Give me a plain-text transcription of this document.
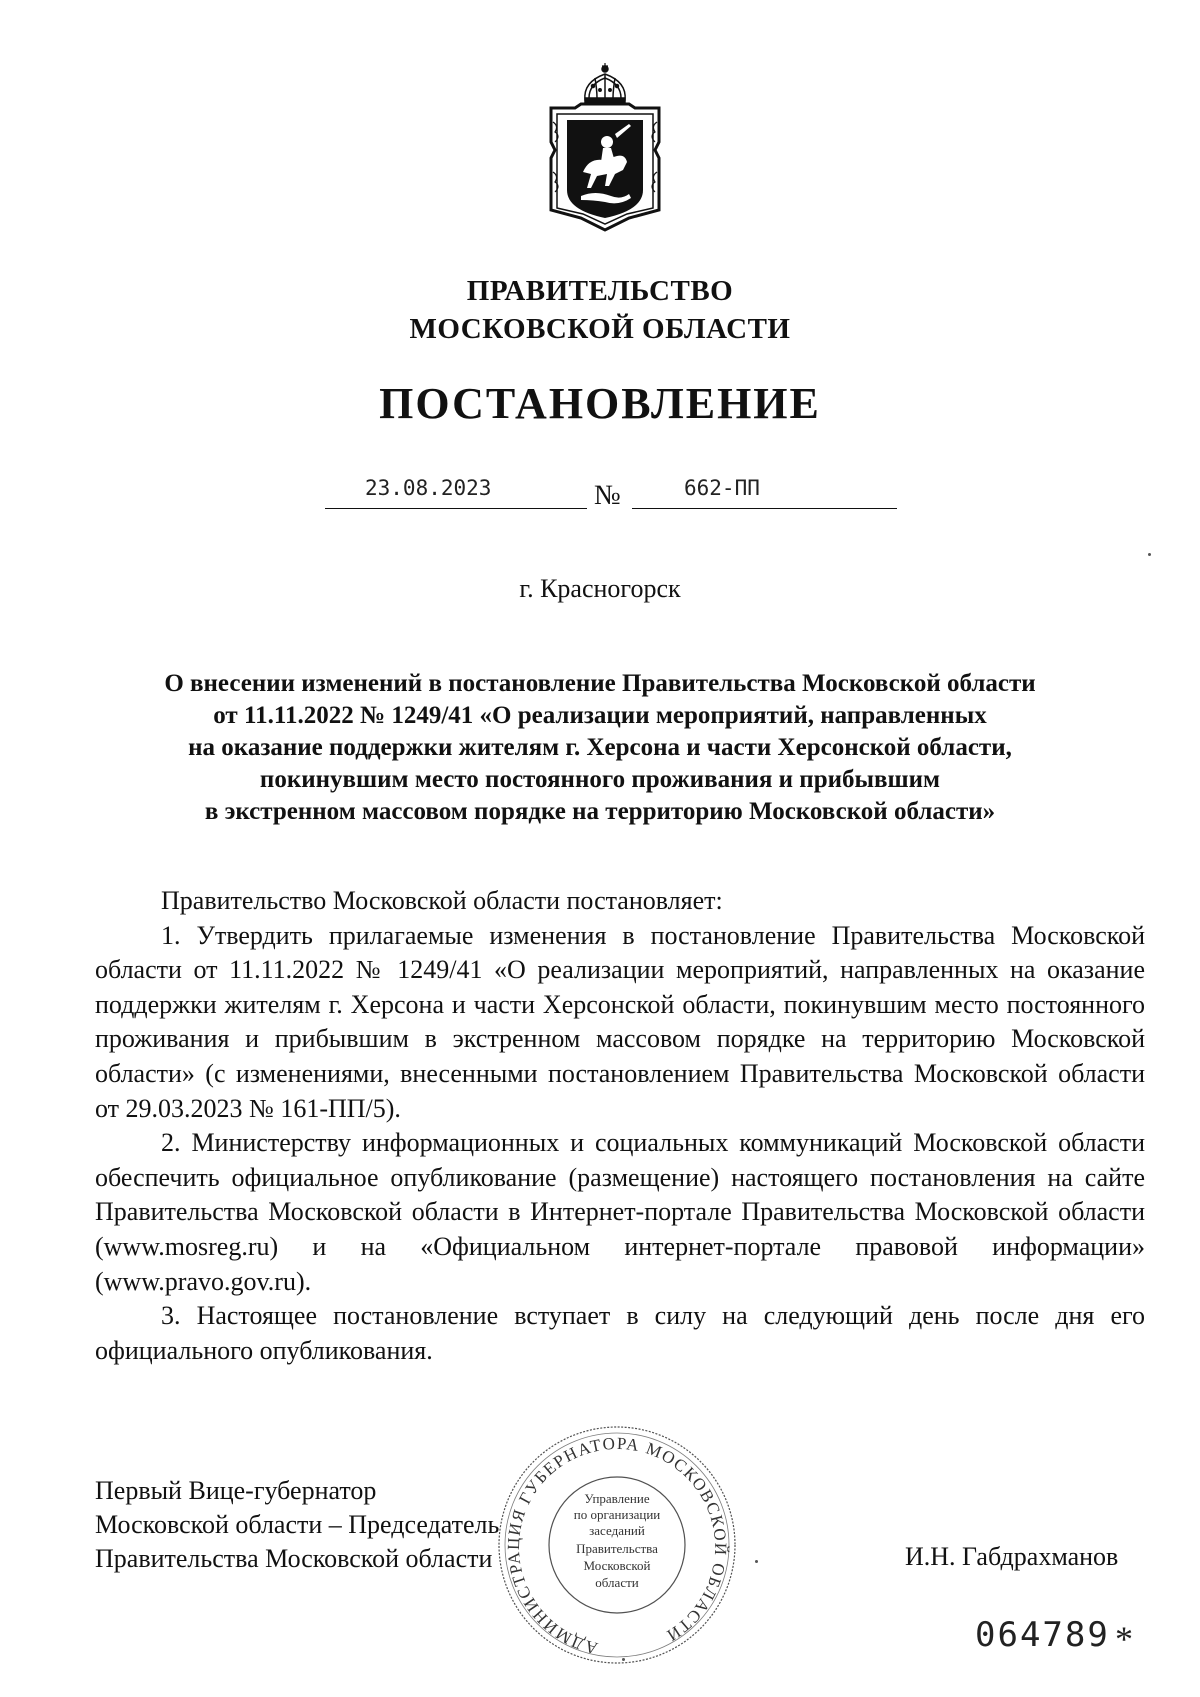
ПРАВИТЕЛЬСТВО
МОСКОВСКОЙ ОБЛАСТИ
ПОСТАНОВЛЕНИЕ
23.08.2023	№	662-ПП
г. Красногорск
О внесении изменений в постановление Правительства Московской области
от 11.11.2022 № 1249/41 «О реализации мероприятий, направленных
на оказание поддержки жителям г. Херсона и части Херсонской области,
покинувшим место постоянного проживания и прибывшим
в экстренном массовом порядке на территорию Московской области»

Правительство Московской области постановляет:

1. Утвердить прилагаемые изменения в постановление Правительства Московской области от 11.11.2022 № 1249/41 «О реализации мероприятий, направленных на оказание поддержки жителям г. Херсона и части Херсонской области, покинувшим место постоянного проживания и прибывшим в экстренном массовом порядке на территорию Московской области» (с изменениями, внесенными постановлением Правительства Московской области от 29.03.2023 № 161-ПП/5).

2. Министерству информационных и социальных коммуникаций Московской области обеспечить официальное опубликование (размещение) настоящего постановления на сайте Правительства Московской области в Интернет-портале Правительства Московской области (www.mosreg.ru) и на «Официальном интернет-портале правовой информации» (www.pravo.gov.ru).

3. Настоящее постановление вступает в силу на следующий день после дня его официального опубликования.

Первый Вице-губернатор
Московской области – Председатель
Правительства Московской области
АДМИНИСТРАЦИЯ ГУБЕРНАТОРА МОСКОВСКОЙ ОБЛАСТИ
Управление
по организации
заседаний
Правительства
Московской
области
И.Н. Габдрахманов
064789 *
